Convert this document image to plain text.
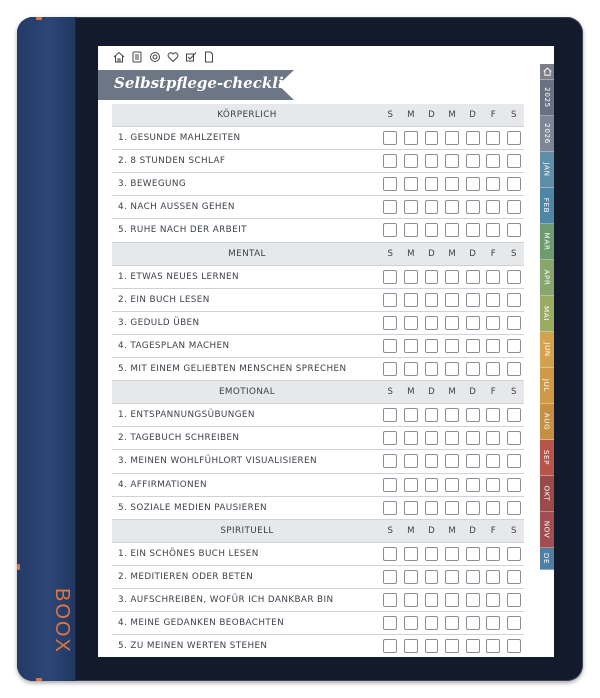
BOOX
Selbstpflege-checkliste
KÖRPERLICH	S	M	D	M	D	F	S
1. GESUNDE MAHLZEITEN
2. 8 STUNDEN SCHLAF
3. BEWEGUNG
4. NACH AUSSEN GEHEN
5. RUHE NACH DER ARBEIT
MENTAL	S	M	D	M	D	F	S
1. ETWAS NEUES LERNEN
2. EIN BUCH LESEN
3. GEDULD ÜBEN
4. TAGESPLAN MACHEN
5. MIT EINEM GELIEBTEN MENSCHEN SPRECHEN
EMOTIONAL	S	M	D	M	D	F	S
1. ENTSPANNUNGSÜBUNGEN
2. TAGEBUCH SCHREIBEN
3. MEINEN WOHLFÜHLORT VISUALISIEREN
4. AFFIRMATIONEN
5. SOZIALE MEDIEN PAUSIEREN
SPIRITUELL	S	M	D	M	D	F	S
1. EIN SCHÖNES BUCH LESEN
2. MEDITIEREN ODER BETEN
3. AUFSCHREIBEN, WOFÜR ICH DANKBAR BIN
4. MEINE GEDANKEN BEOBACHTEN
5. ZU MEINEN WERTEN STEHEN
2025
2026
JAN
FEB
MAR
APR
MAI
JUN
JUL
AUG
SEP
OKT
NOV
DE
